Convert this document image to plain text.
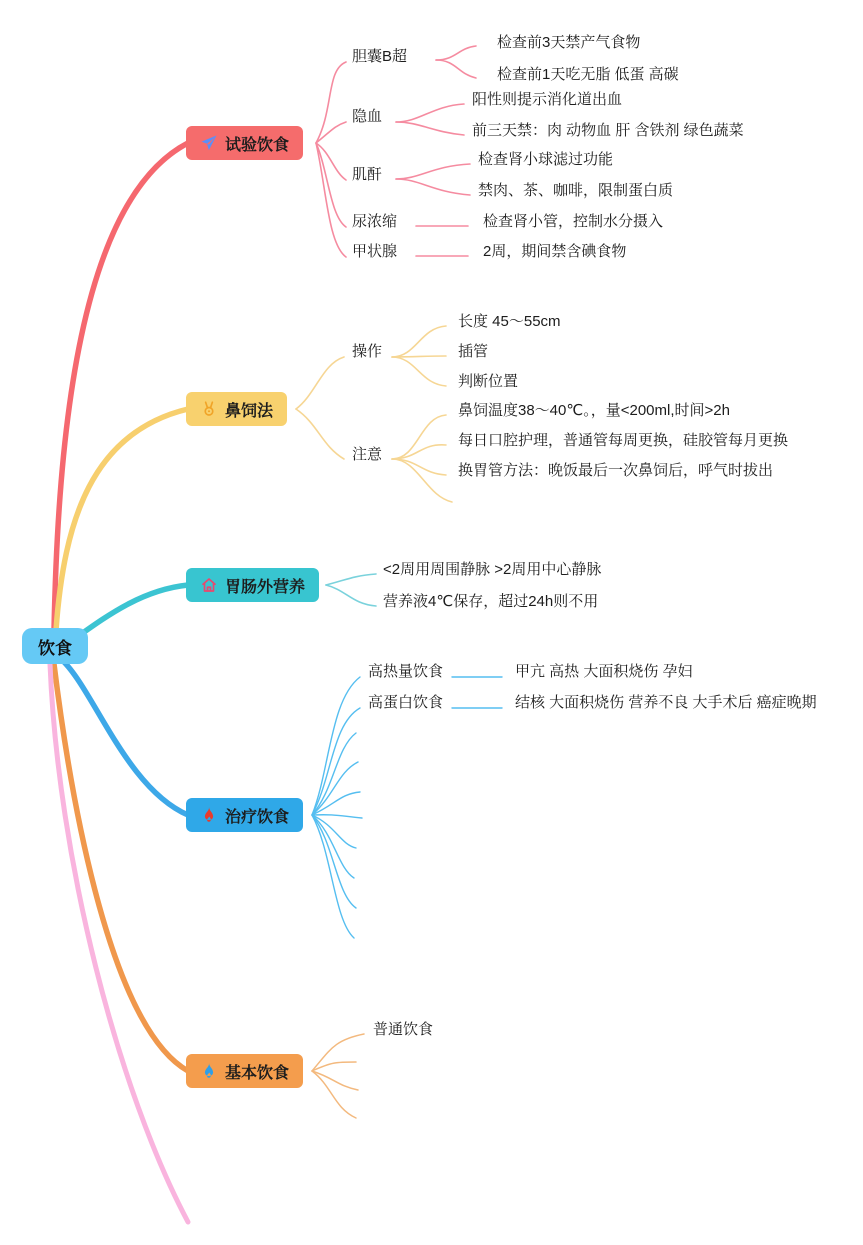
饮食
试验饮食
鼻饲法
胃肠外营养
治疗饮食
基本饮食
胆囊B超
隐血
肌酐
尿浓缩
甲状腺
检查前3天禁产气食物
检查前1天吃无脂 低蛋 高碳
阳性则提示消化道出血
前三天禁：肉 动物血 肝 含铁剂 绿色蔬菜
检查肾小球滤过功能
禁肉、茶、咖啡，限制蛋白质
检查肾小管，控制水分摄入
2周，期间禁含碘食物
操作
注意
长度 45～55cm
插管
判断位置
鼻饲温度38～40℃。，量<200ml,时间>2h
每日口腔护理，普通管每周更换，硅胶管每月更换
换胃管方法：晚饭最后一次鼻饲后，呼气时拔出
<2周用周围静脉 >2周用中心静脉
营养液4℃保存，超过24h则不用
高热量饮食	甲亢 高热 大面积烧伤 孕妇
高蛋白饮食	结核 大面积烧伤 营养不良 大手术后 癌症晚期
普通饮食
